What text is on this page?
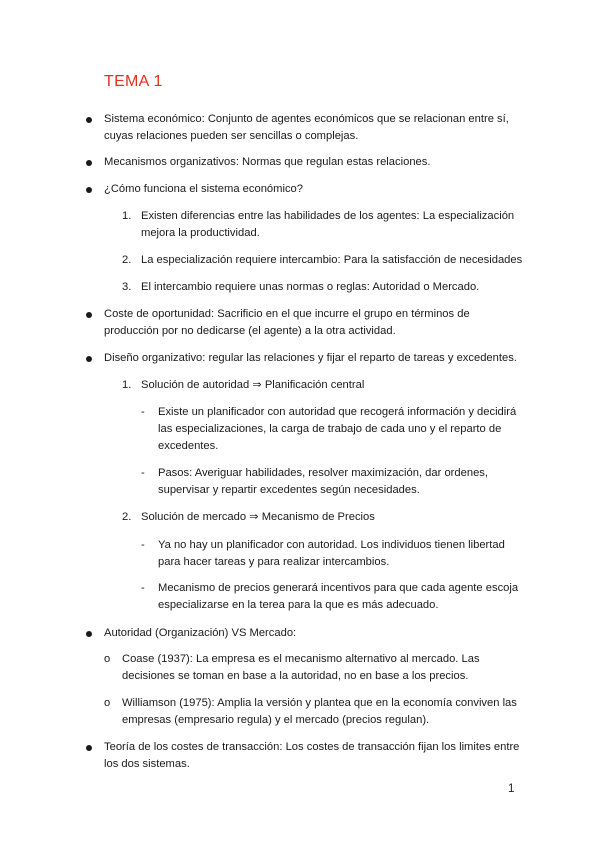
TEMA 1
Sistema económico: Conjunto de agentes económicos que se relacionan entre sí,
cuyas relaciones pueden ser sencillas o complejas.
Mecanismos organizativos: Normas que regulan estas relaciones.
¿Cómo funciona el sistema económico?
1. Existen diferencias entre las habilidades de los agentes: La especialización
mejora la productividad.
2. La especialización requiere intercambio: Para la satisfacción de necesidades
3. El intercambio requiere unas normas o reglas: Autoridad o Mercado.
Coste de oportunidad: Sacrificio en el que incurre el grupo en términos de
producción por no dedicarse (el agente) a la otra actividad.
Diseño organizativo: regular las relaciones y fijar el reparto de tareas y excedentes.
1. Solución de autoridad ⇒ Planificación central
- Existe un planificador con autoridad que recogerá información y decidirá
las especializaciones, la carga de trabajo de cada uno y el reparto de
excedentes.
- Pasos: Averiguar habilidades, resolver maximización, dar ordenes,
supervisar y repartir excedentes según necesidades.
2. Solución de mercado ⇒ Mecanismo de Precios
- Ya no hay un planificador con autoridad. Los individuos tienen libertad
para hacer tareas y para realizar intercambios.
- Mecanismo de precios generará incentivos para que cada agente escoja
especializarse en la terea para la que es más adecuado.
Autoridad (Organización) VS Mercado:
o Coase (1937): La empresa es el mecanismo alternativo al mercado. Las
decisiones se toman en base a la autoridad, no en base a los precios.
o Williamson (1975): Amplia la versión y plantea que en la economía conviven las
empresas (empresario regula) y el mercado (precios regulan).
Teoría de los costes de transacción: Los costes de transacción fijan los limites entre
los dos sistemas.
1
